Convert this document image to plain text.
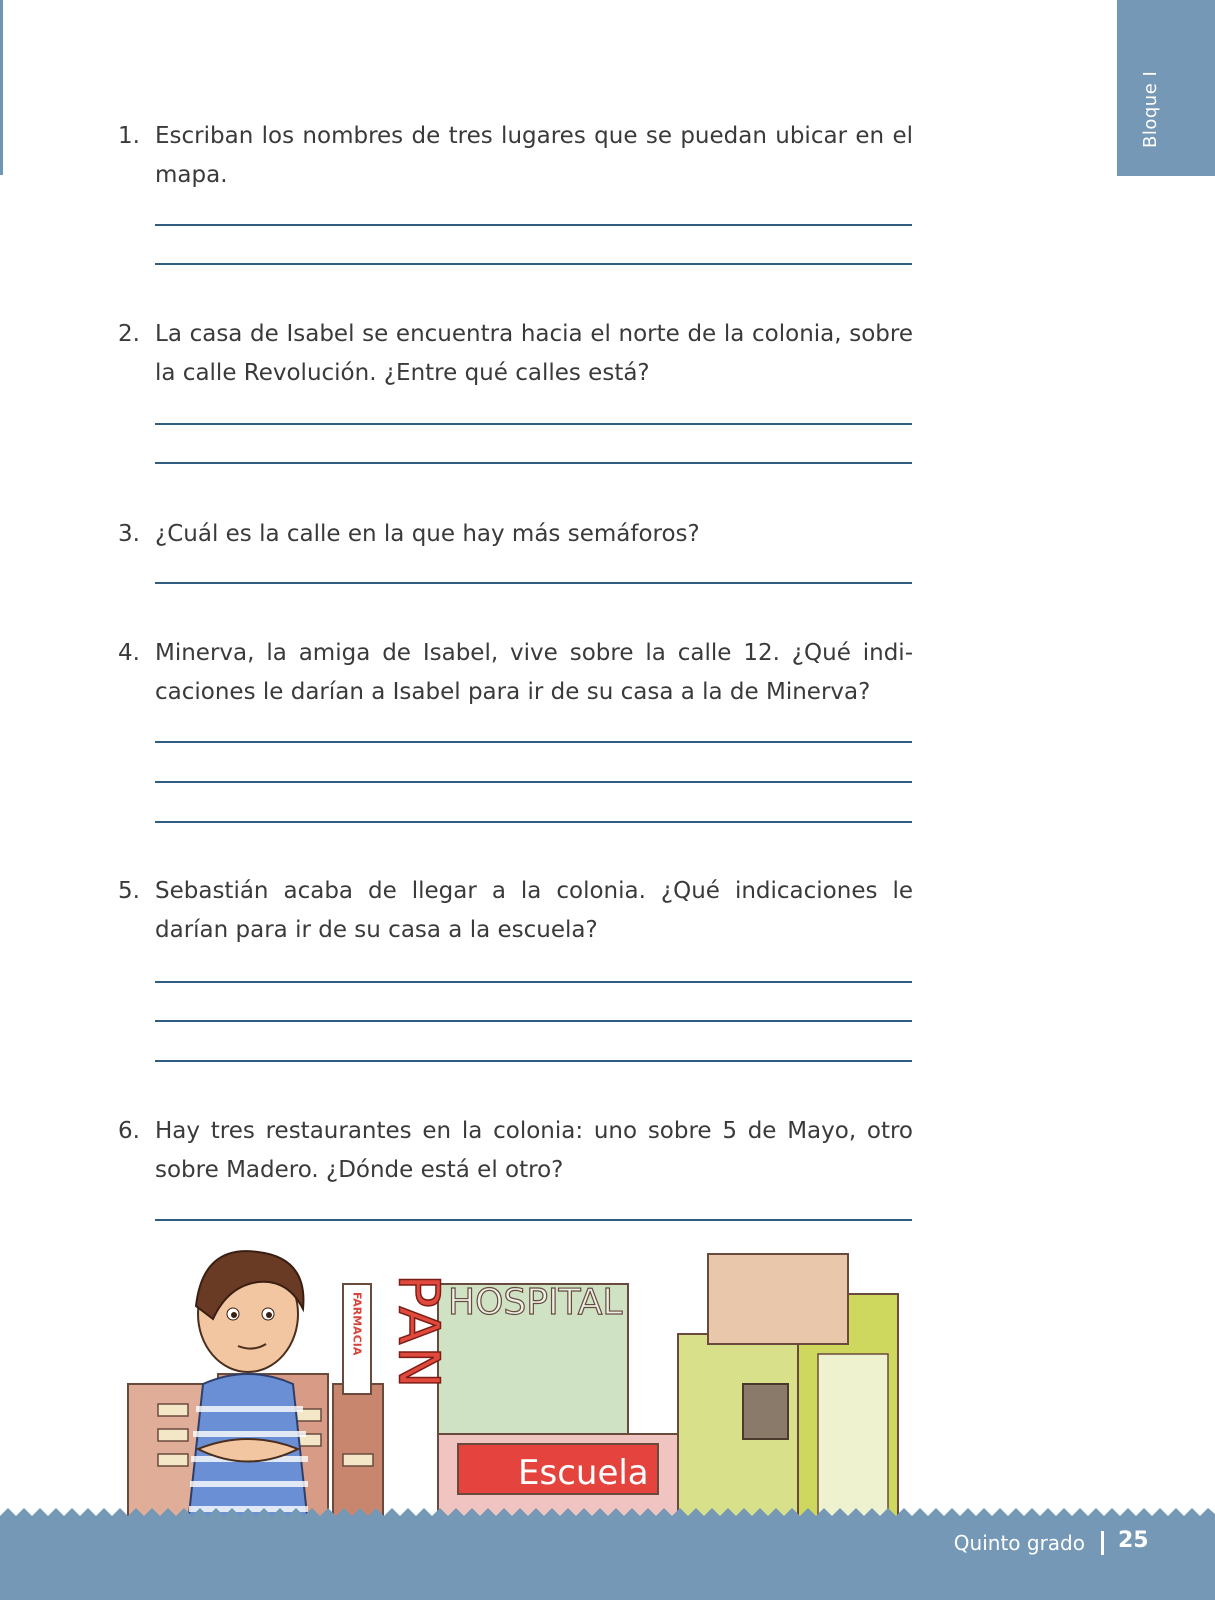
Bloque I
1. Escriban los nombres de tres lugares que se puedan ubicar en el mapa.
2. La casa de Isabel se encuentra hacia el norte de la colonia, sobre la calle Revolución. ¿Entre qué calles está?
3. ¿Cuál es la calle en la que hay más semáforos?
4. Minerva, la amiga de Isabel, vive sobre la calle 12. ¿Qué indi-caciones le darían a Isabel para ir de su casa a la de Minerva?
5. Sebastián acaba de llegar a la colonia. ¿Qué indicaciones le darían para ir de su casa a la escuela?
6. Hay tres restaurantes en la colonia: uno sobre 5 de Mayo, otro sobre Madero. ¿Dónde está el otro?
Escuela
HOSPITAL
PAN
FARMACIA
Quinto grado 25
